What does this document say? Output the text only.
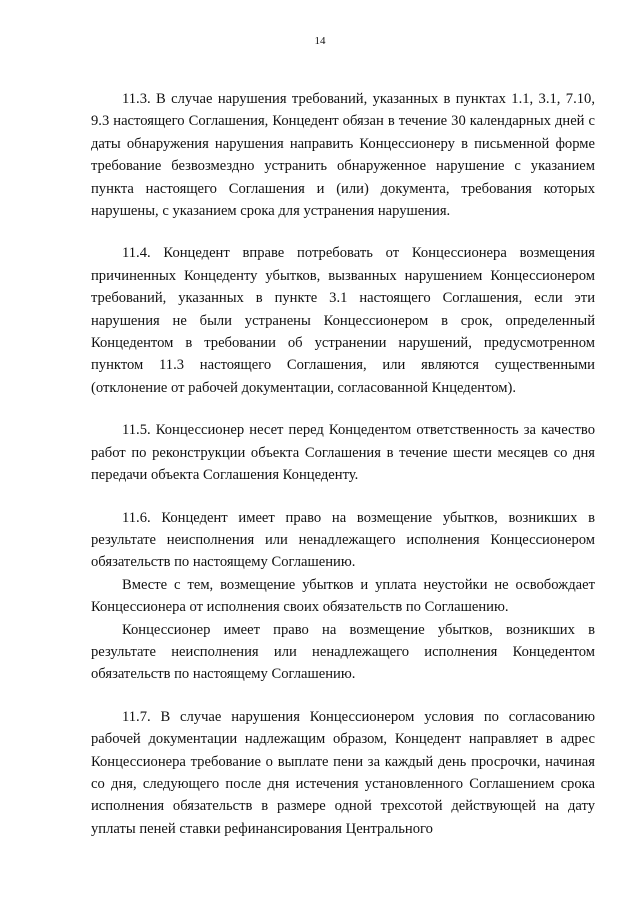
14

11.3. В случае нарушения требований, указанных в пунктах 1.1, 3.1, 7.10, 9.3 настоящего Соглашения, Концедент обязан в течение 30 календарных дней с даты обнаружения нарушения направить Концессионеру в письменной форме требование безвозмездно устранить обнаруженное нарушение с указанием пункта настоящего Соглашения и (или) документа, требования которых нарушены, с указанием срока для устранения нарушения.

11.4. Концедент вправе потребовать от Концессионера возмещения причиненных Концеденту убытков, вызванных нарушением Концессионером требований, указанных в пункте 3.1 настоящего Соглашения, если эти нарушения не были устранены Концессионером в срок, определенный Концедентом в требовании об устранении нарушений, предусмотренном пунктом 11.3 настоящего Соглашения, или являются существенными (отклонение от рабочей документации, согласованной Кнцедентом).

11.5. Концессионер несет перед Концедентом ответственность за качество работ по реконструкции объекта Соглашения в течение шести месяцев со дня передачи объекта Соглашения Концеденту.

11.6. Концедент имеет право на возмещение убытков, возникших в результате неисполнения или ненадлежащего исполнения Концессионером обязательств по настоящему Соглашению.

Вместе с тем, возмещение убытков и уплата неустойки не освобождает Концессионера от исполнения своих обязательств по Соглашению.

Концессионер имеет право на возмещение убытков, возникших в результате неисполнения или ненадлежащего исполнения Концедентом обязательств по настоящему Соглашению.

11.7. В случае нарушения Концессионером условия по согласованию рабочей документации надлежащим образом, Концедент направляет в адрес Концессионера требование о выплате пени за каждый день просрочки, начиная со дня, следующего после дня истечения установленного Соглашением срока исполнения обязательств в размере одной трехсотой действующей на дату уплаты пеней ставки рефинансирования Центрального
